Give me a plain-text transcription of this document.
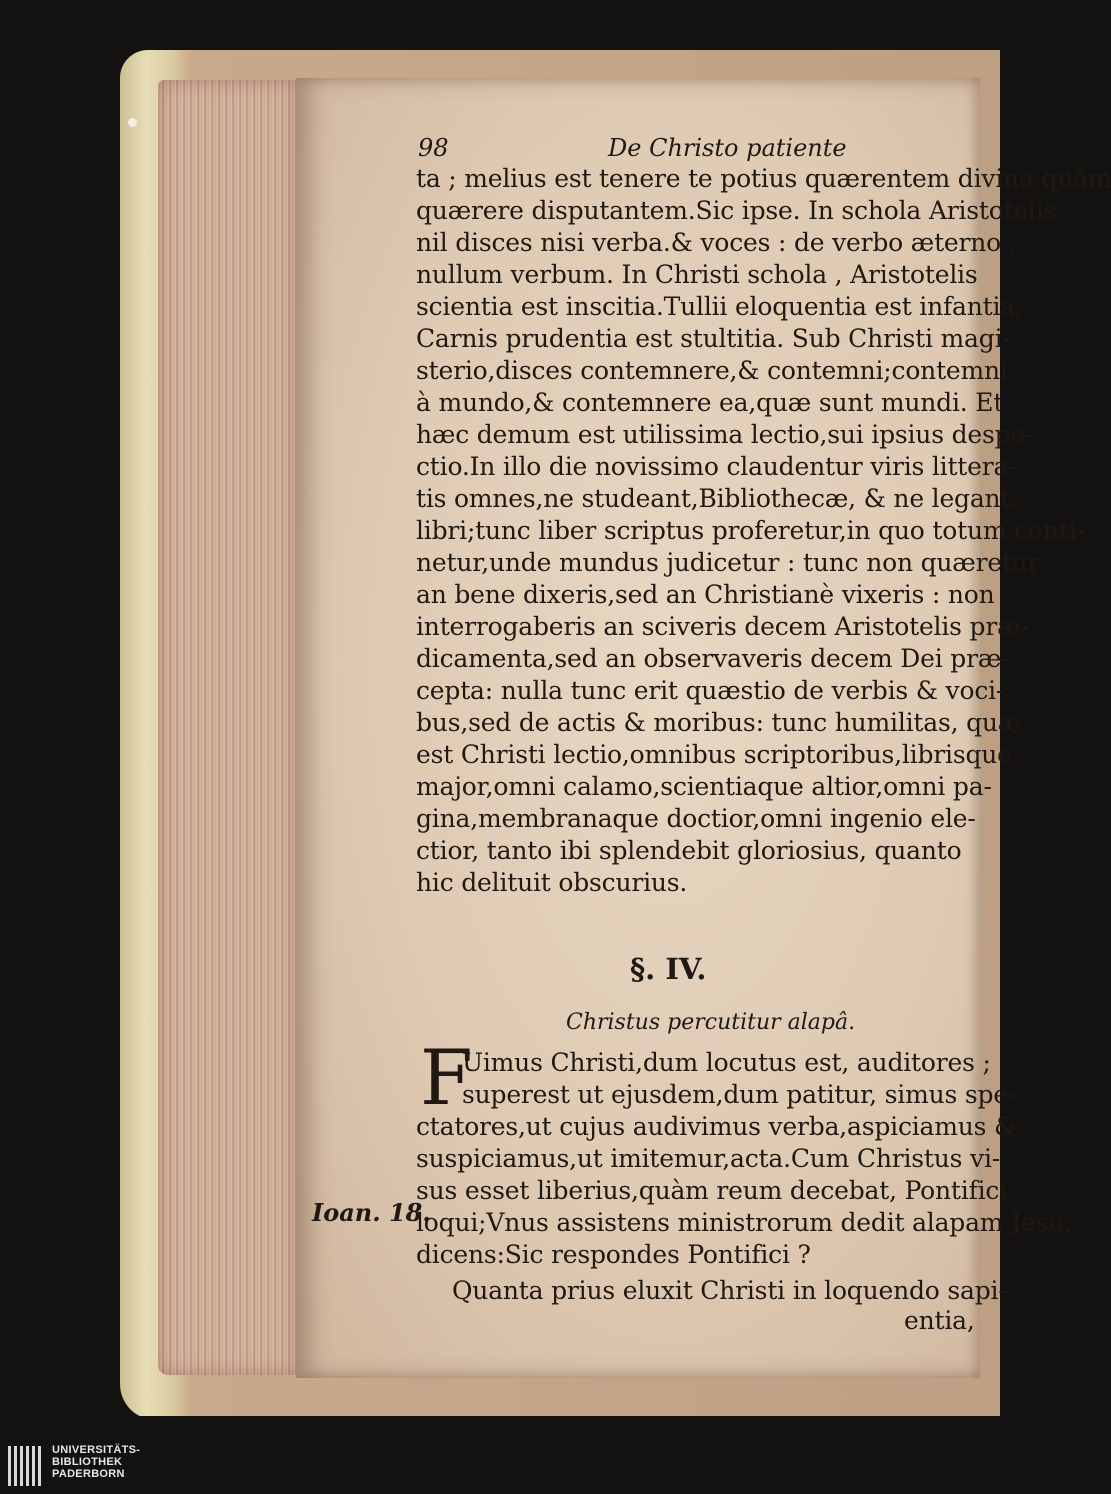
98	De Christo patiente
ta ; melius est tenere te potius quærentem divina quàm
quærere disputantem.Sic ipse. In schola Aristotelis
nil disces nisi verba.& voces : de verbo æterno ,
nullum verbum. In Christi schola , Aristotelis
scientia est inscitia.Tullii eloquentia est infantia,
Carnis prudentia est stultitia. Sub Christi magi-
sterio,disces contemnere,& contemni;contemni
à mundo,& contemnere ea,quæ sunt mundi. Et
hæc demum est utilissima lectio,sui ipsius despe-
ctio.In illo die novissimo claudentur viris littera-
tis omnes,ne studeant,Bibliothecæ, & ne legant,
libri;tunc liber scriptus proferetur,in quo totum conti-
netur,unde mundus judicetur : tunc non quæretur
an bene dixeris,sed an Christianè vixeris : non
interrogaberis an sciveris decem Aristotelis præ-
dicamenta,sed an observaveris decem Dei præ-
cepta: nulla tunc erit quæstio de verbis & voci-
bus,sed de actis & moribus: tunc humilitas, quæ
est Christi lectio,omnibus scriptoribus,librisque
major,omni calamo,scientiaque altior,omni pa-
gina,membranaque doctior,omni ingenio ele-
ctior, tanto ibi splendebit gloriosius, quanto
hic delituit obscurius.
§. IV.
Christus percutitur alapâ.
F
Uimus Christi,dum locutus est, auditores ;
superest ut ejusdem,dum patitur, simus spe-
ctatores,ut cujus audivimus verba,aspiciamus &
suspiciamus,ut imitemur,acta.Cum Christus vi-
sus esset liberius,quàm reum decebat, Pontifici
loqui;Vnus assistens ministrorum dedit alapam Jesu,
dicens:Sic respondes Pontifici ?
Quanta prius eluxit Christi in loquendo sapi-
entia,
Ioan. 18.
UNIVERSITÄTS-
BIBLIOTHEK
PADERBORN
